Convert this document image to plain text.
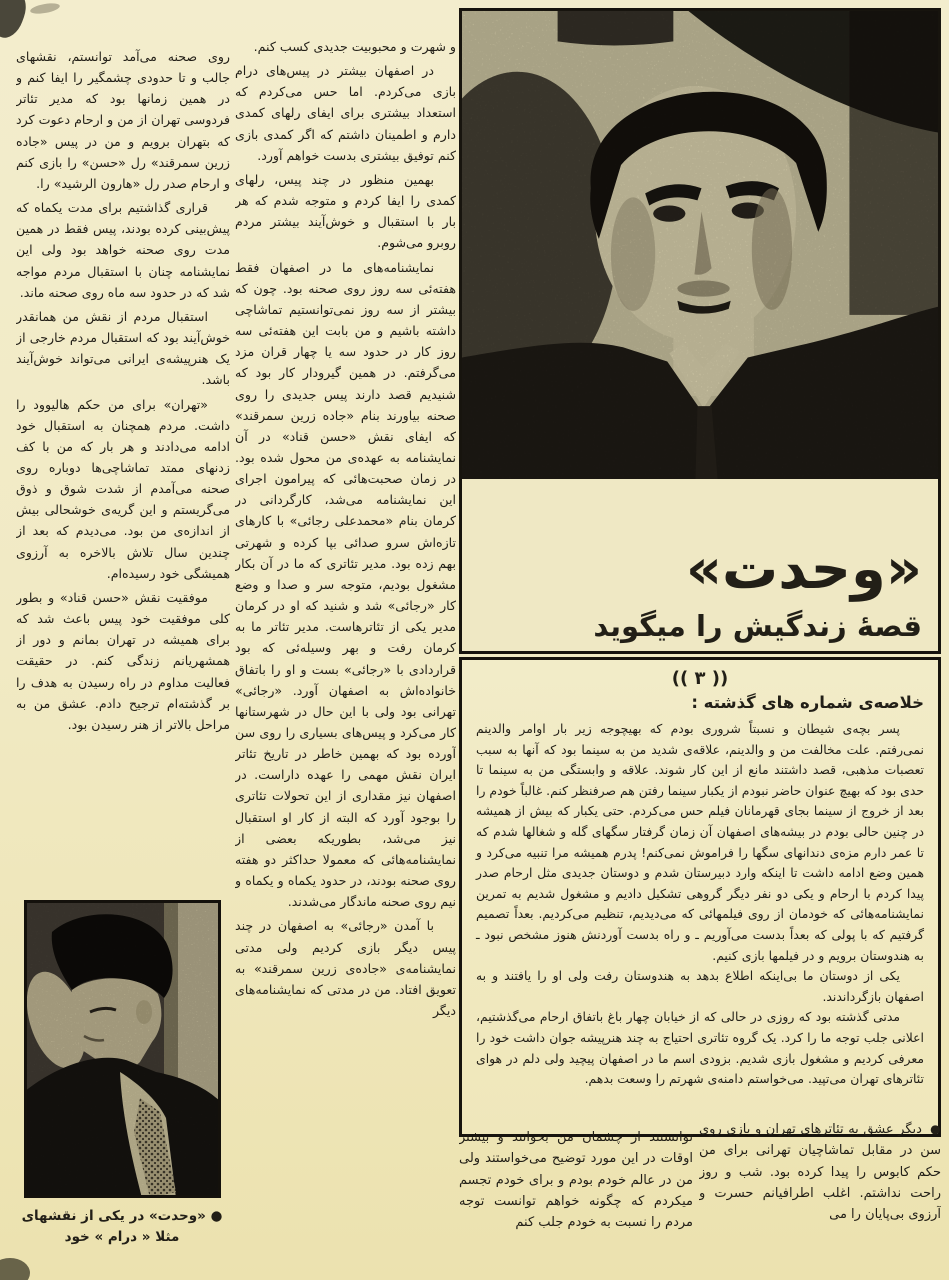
روی صحنه می‌آمد توانستم، نقشهای جالب و تا حدودی چشمگیر را ایفا کنم و در همین زمانها بود که مدیر تئاتر فردوسی تهران از من و ارحام دعوت کرد که بتهران برویم و من در پیس «جاده زرین سمرقند» رل «حسن» را بازی کنم و ارحام صدر رل «هارون الرشید» را.

قراری گذاشتیم برای مدت یکماه که پیش‌بینی کرده بودند، پیس فقط در همین مدت روی صحنه خواهد بود ولی این نمایشنامه چنان با استقبال مردم مواجه شد که در حدود سه ماه روی صحنه ماند.

استقبال مردم از نقش من همانقدر خوش‌آیند بود که استقبال مردم خارجی از یک هنرپیشه‌ی ایرانی می‌تواند خوش‌آیند باشد.

«تهران» برای من حکم هالیوود را داشت. مردم همچنان به استقبال خود ادامه می‌دادند و هر بار که من با کف زدنهای ممتد تماشاچی‌ها دوباره روی صحنه می‌آمدم از شدت شوق و ذوق می‌گریستم و این گریه‌ی خوشحالی بیش از اندازه‌ی من بود. می‌دیدم که بعد از چندین سال تلاش بالاخره به آرزوی همیشگی خود رسیده‌ام.

موفقیت نقش «حسن قناد» و بطور کلی موفقیت خود پیس باعث شد که برای همیشه در تهران بمانم و دور از همشهریانم زندگی کنم. در حقیقت فعالیت مداوم در راه رسیدن به هدف را بر گذشته‌ام ترجیح دادم. عشق من به مراحل بالاتر از هنر رسیدن بود.

و شهرت و محبوبیت جدیدی کسب کنم.

در اصفهان بیشتر در پیس‌های درام بازی می‌کردم. اما حس می‌کردم که استعداد بیشتری برای ایفای رلهای کمدی دارم و اطمینان داشتم که اگر کمدی بازی کنم توفیق بیشتری بدست خواهم آورد.

بهمین منظور در چند پیس، رلهای کمدی را ایفا کردم و متوجه شدم که هر بار با استقبال و خوش‌آیند بیشتر مردم روبرو می‌شوم.

نمایشنامه‌های ما در اصفهان فقط هفته‌ئی سه روز روی صحنه بود. چون که بیشتر از سه روز نمی‌توانستیم تماشاچی داشته باشیم و من بابت این هفته‌ئی سه روز کار در حدود سه یا چهار قران مزد می‌گرفتم. در همین گیرودار کار بود که شنیدیم قصد دارند پیس جدیدی را روی صحنه بیاورند بنام «جاده زرین سمرقند» که ایفای نقش «حسن قناد» در آن نمایشنامه به عهده‌ی من محول شده بود. در زمان صحبت‌هائی که پیرامون اجرای این نمایشنامه می‌شد، کارگردانی در کرمان بنام «محمدعلی رجائی» با کارهای تازه‌اش سرو صدائی بپا کرده و شهرتی بهم زده بود. مدیر تئاتری که ما در آن بکار مشغول بودیم، متوجه سر و صدا و وضع کار «رجائی» شد و شنید که او در کرمان مدیر یکی از تئاترهاست. مدیر تئاتر ما به کرمان رفت و بهر وسیله‌ئی که بود قراردادی با «رجائی» بست و او را باتفاق خانواده‌اش به اصفهان آورد. «رجائی» تهرانی بود ولی با این حال در شهرستانها کار می‌کرد و پیس‌های بسیاری را روی سن آورده بود که بهمین خاطر در تاریخ تئاتر ایران نقش مهمی را عهده داراست. در اصفهان نیز مقداری از این تحولات تئاتری را بوجود آورد که البته از کار او استقبال نیز می‌شد، بطوریکه بعضی از نمایشنامه‌هائی که معمولا حداکثر دو هفته روی صحنه بودند، در حدود یکماه و یکماه و نیم روی صحنه ماندگار می‌شدند.

با آمدن «رجائی» به اصفهان در چند پیس دیگر بازی کردیم ولی مدتی نمایشنامه‌ی «جاده‌ی زرین سمرقند» به تعویق افتاد. من در مدتی که نمایشنامه‌های دیگر

«وحدت»
قصهٔ زندگیش را میگوید
(( ۳ ))
خلاصه‌ی شماره های گذشته :

پسر بچه‌ی شیطان و نسبتاً شروری بودم که بهیچوجه زیر بار اوامر والدینم نمی‌رفتم. علت مخالفت من و والدینم، علاقه‌ی شدید من به سینما بود که آنها به سبب تعصبات مذهبی، قصد داشتند مانع از این کار شوند. علاقه و وابستگی من به سینما تا حدی بود که بهیچ عنوان حاضر نبودم از یکبار سینما رفتن هم صرفنظر کنم. غالباً خودم را بعد از خروج از سینما بجای قهرمانان فیلم حس می‌کردم. حتی یکبار که بیش از همیشه در چنین حالی بودم در بیشه‌های اصفهان آن زمان گرفتار سگهای گله و شغالها شدم که تا عمر دارم مزه‌ی دندانهای سگها را فراموش نمی‌کنم! پدرم همیشه مرا تنبیه می‌کرد و همین وضع ادامه داشت تا اینکه وارد دبیرستان شدم و دوستان جدیدی مثل ارحام صدر پیدا کردم با ارحام و یکی دو نفر دیگر گروهی تشکیل دادیم و مشغول شدیم به تمرین نمایشنامه‌هائی که خودمان از روی فیلمهائی که می‌دیدیم، تنظیم می‌کردیم. بعداً تصمیم گرفتیم که با پولی که بعداً بدست می‌آوریم ـ و راه بدست آوردنش هنوز مشخص نبود ـ به هندوستان برویم و در فیلمها بازی کنیم.

یکی از دوستان ما بی‌اینکه اطلاع بدهد به هندوستان رفت ولی او را یافتند و به اصفهان بازگرداندند.

مدتی گذشته بود که روزی در حالی که از خیابان چهار باغ باتفاق ارحام می‌گذشتیم، اعلانی جلب توجه ما را کرد. یک گروه تئاتری احتیاج به چند هنرپیشه جوان داشت خود را معرفی کردیم و مشغول بازی شدیم. بزودی اسم ما در اصفهان پیچید ولی دلم در هوای تئاترهای تهران می‌تپید. می‌خواستم دامنه‌ی شهرتم را وسعت بدهم.

● دیگر عشق به تئاترهای تهران و بازی روی سن در مقابل تماشاچیان تهرانی برای من حکم کابوس را پیدا کرده بود. شب و روز راحت نداشتم. اغلب اطرافیانم حسرت و آرزوی بی‌پایان را می
توانستند از چشمان من بخوانند و بیشتر اوقات در این مورد توضیح می‌خواستند ولی من در عالم خودم بودم و برای خودم تجسم میکردم که چگونه خواهم توانست توجه مردم را نسبت به خودم جلب کنم
● «وحدت» در یکی از نقشهای
مثلا « درام » خود
